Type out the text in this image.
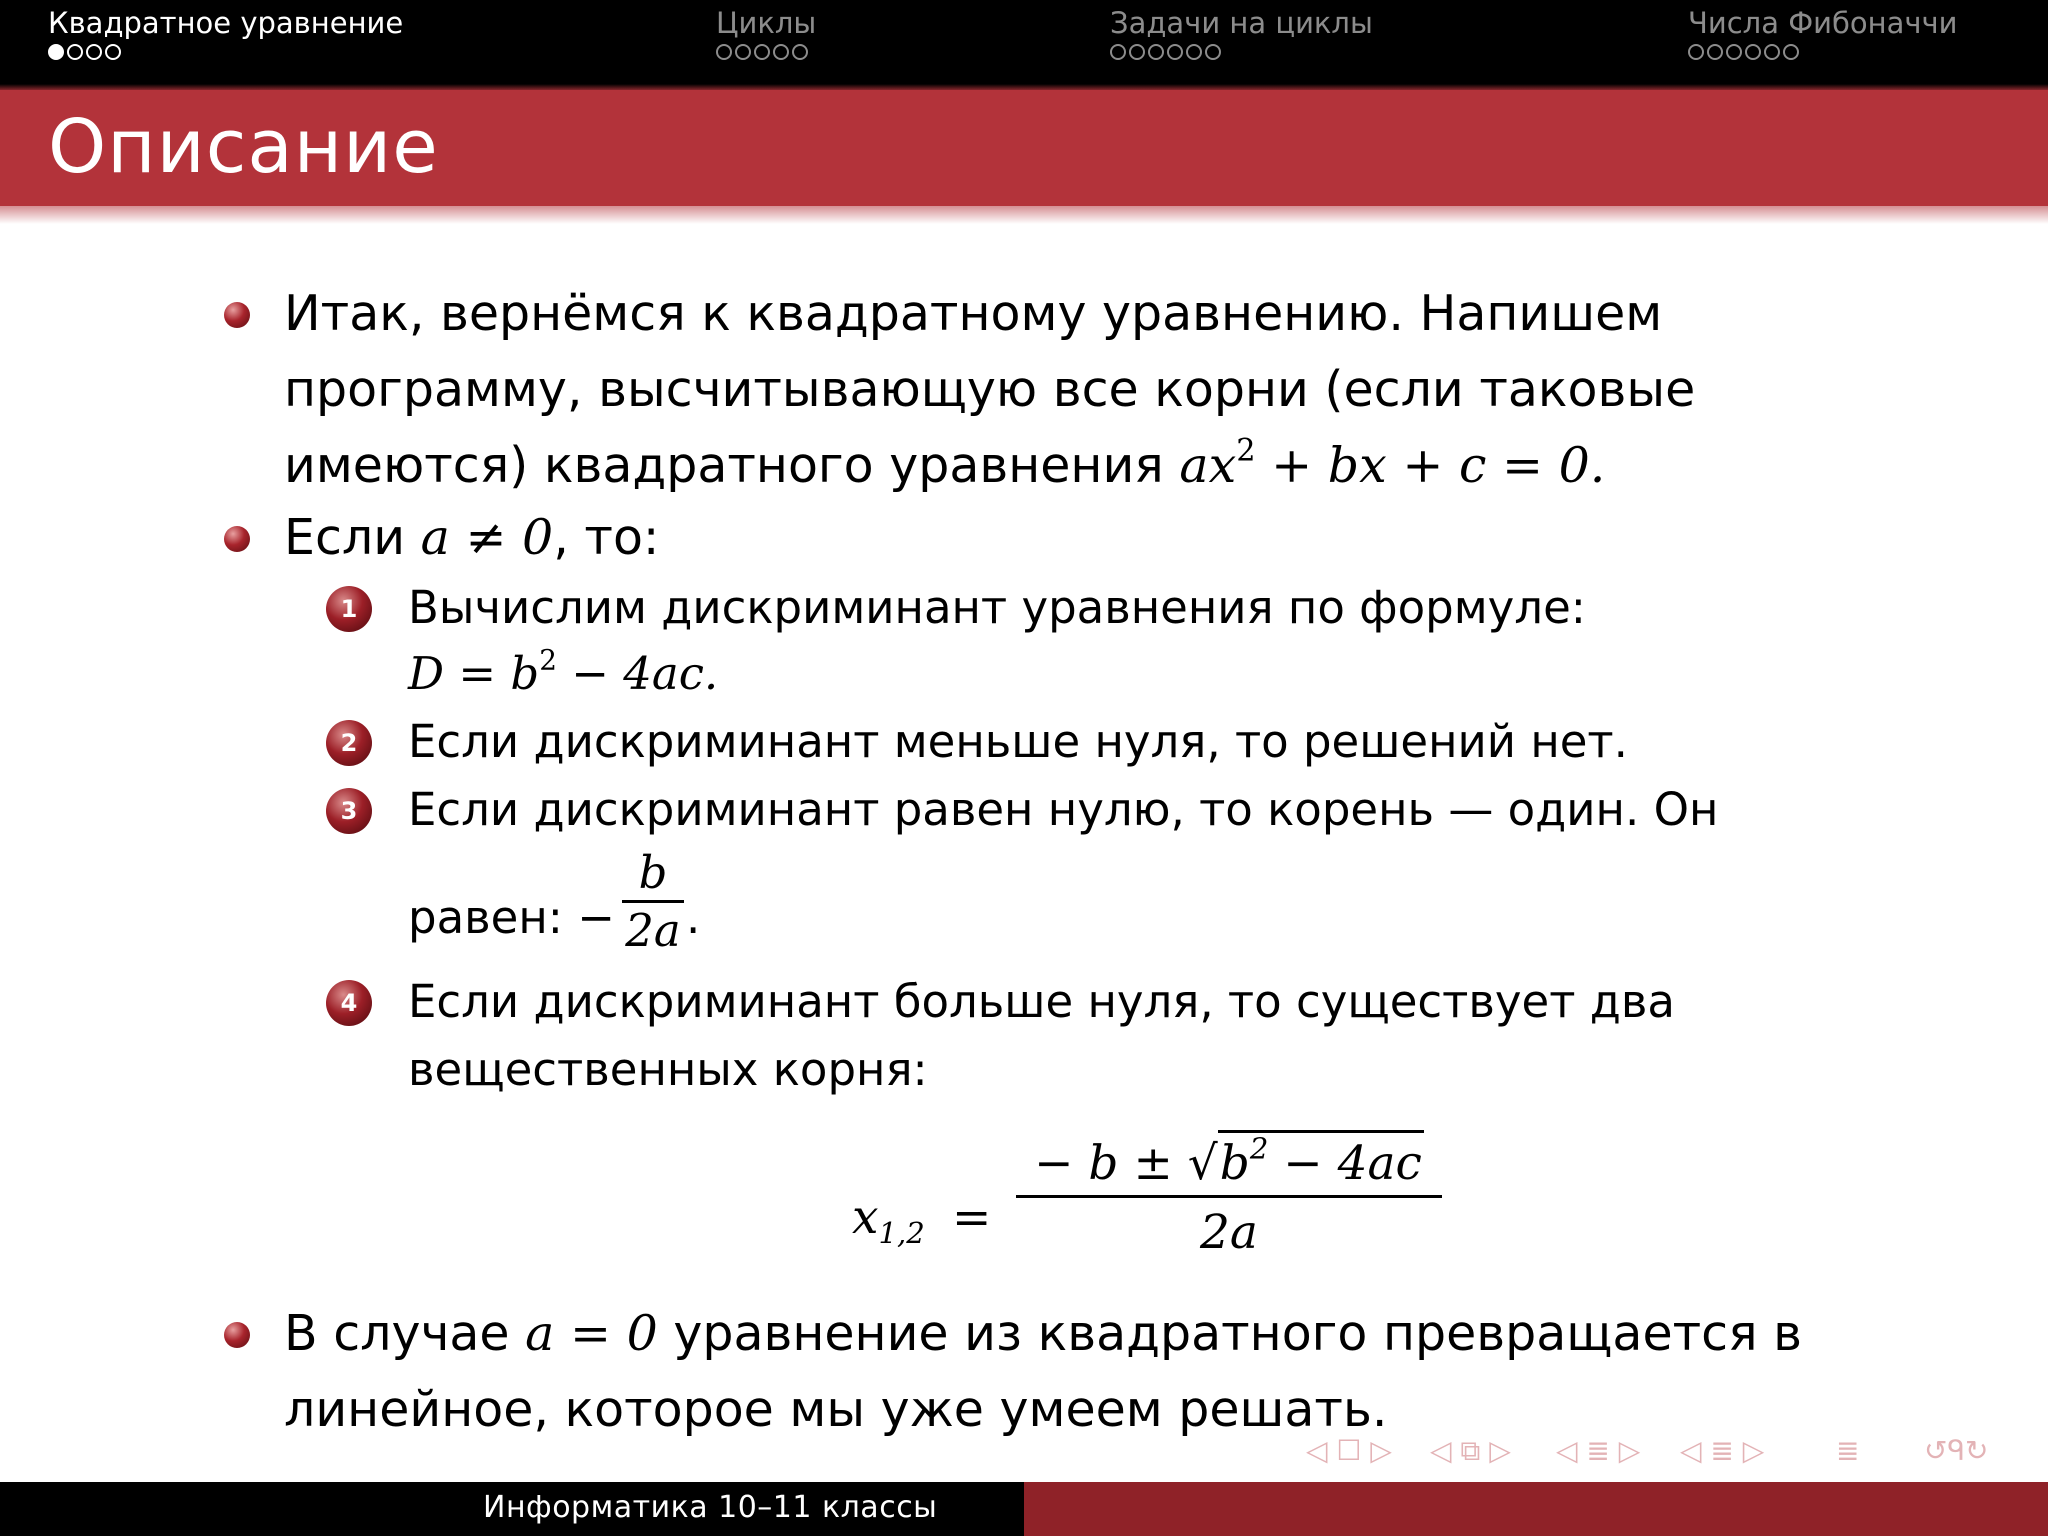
Квадратное уравнение	Циклы	Задачи на циклы	Числа Фибоначчи
Описание
Итак, вернёмся к квадратному уравнению. Напишем
программу, высчитывающую все корни (если таковые
имеются) квадратного уравнения $ax^2$ + bx + c = 0.
Если a ≠ 0, то:
1	Вычислим дискриминант уравнения по формуле:
$D = b^2 - 4ac$.
2	Если дискриминант меньше нуля, то решений нет.
3	Если дискриминант равен нулю, то корень — один. Он
равен: −
b
2a .
4	Если дискриминант больше нуля, то существует два
вещественных корня:
$x_{1,2}$ =
− $b \pm √b^2 - 4ac$
2a
В случае a = 0 уравнение из квадратного превращается в
линейное, которое мы уже умеем решать.
◁ ☐ ▷ ◁ ⧉ ▷ ◁ ≣ ▷ ◁ ≣ ▷	≣ ↺ᑫ↻
Информатика 10–11 классы
